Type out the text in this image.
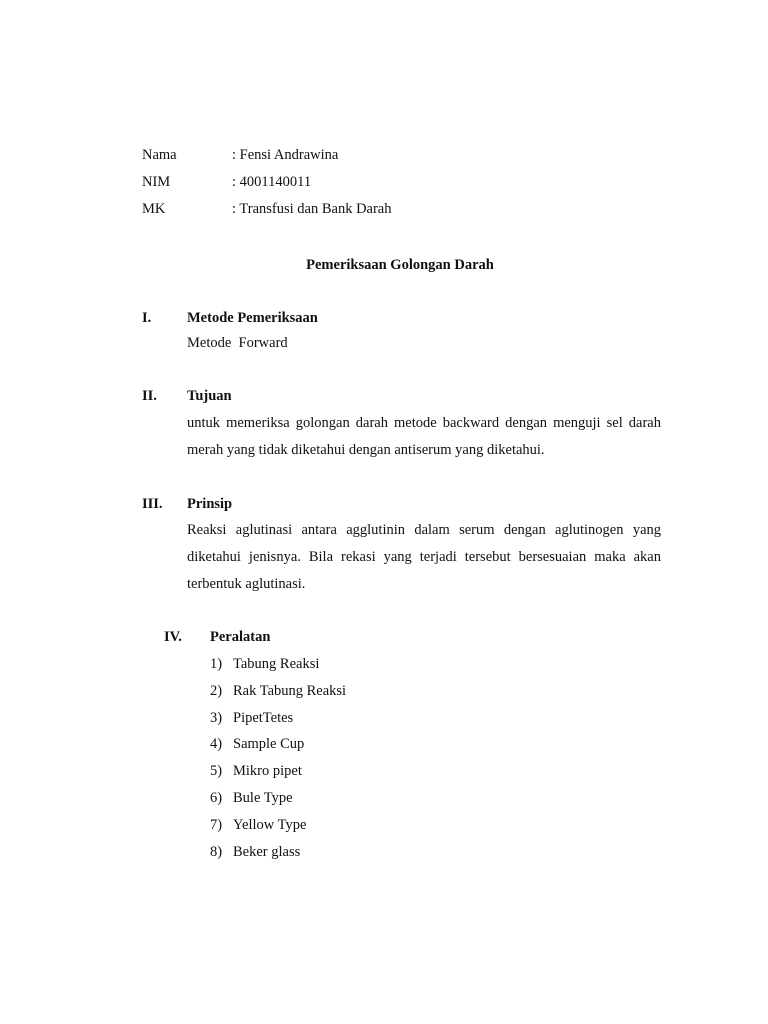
Nama	: Fensi Andrawina
NIM	: 4001140011
MK	: Transfusi dan Bank Darah
Pemeriksaan Golongan Darah
I. Metode Pemeriksaan
Metode  Forward
II. Tujuan
untuk memeriksa golongan darah metode backward dengan menguji sel darah
merah yang tidak diketahui dengan antiserum yang diketahui.
III. Prinsip
Reaksi aglutinasi antara agglutinin dalam serum dengan aglutinogen yang
diketahui jenisnya. Bila rekasi yang terjadi tersebut bersesuaian maka akan
terbentuk aglutinasi.
IV. Peralatan
1) Tabung Reaksi
2) Rak Tabung Reaksi
3) PipetTetes
4) Sample Cup
5) Mikro pipet
6) Bule Type
7) Yellow Type
8) Beker glass
